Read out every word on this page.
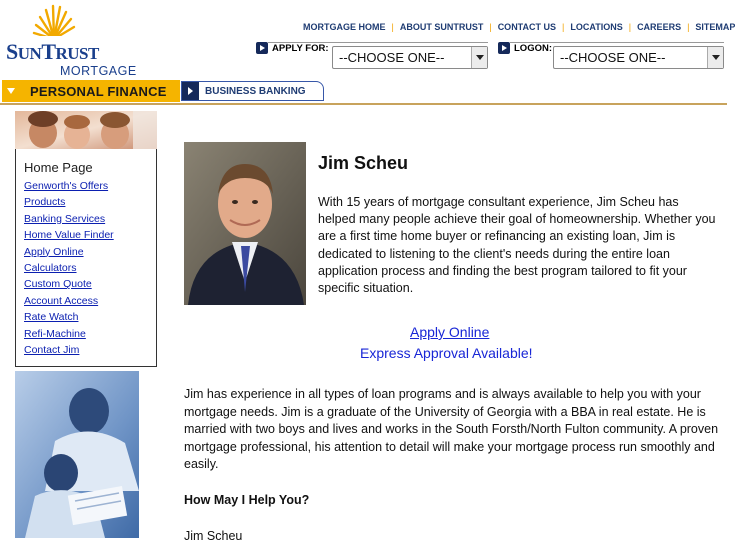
SUNTRUST
MORTGAGE
MORTGAGE HOME | ABOUT SUNTRUST | CONTACT US | LOCATIONS | CAREERS | SITEMAP
APPLY FOR:
--CHOOSE ONE--
LOGON:
--CHOOSE ONE--
PERSONAL FINANCE	BUSINESS BANKING
Home Page
Genworth's Offers
Products
Banking Services
Home Value Finder
Apply Online
Calculators
Custom Quote
Account Access
Rate Watch
Refi-Machine
Contact Jim
Jim Scheu

With 15 years of mortgage consultant experience, Jim Scheu has helped many people achieve their goal of homeownership. Whether you are a first time home buyer or refinancing an existing loan, Jim is dedicated to listening to the client's needs during the entire loan application process and finding the best program tailored to fit your specific situation.

Apply Online
Express Approval Available!

Jim has experience in all types of loan programs and is always available to help you with your mortgage needs. Jim is a graduate of the University of Georgia with a BBA in real estate. He is married with two boys and lives and works in the South Forsth/North Fulton community. A proven mortgage professional, his attention to detail will make your mortgage process run smoothly and easily.

How May I Help You?
Jim Scheu
